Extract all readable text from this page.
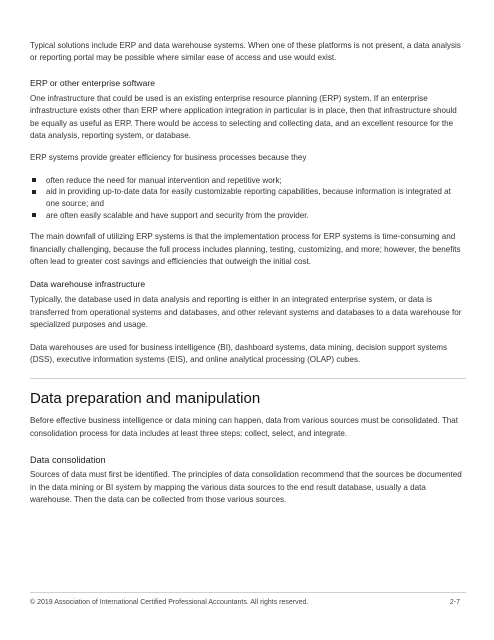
Typical solutions include ERP and data warehouse systems. When one of these platforms is not present, a data analysis or reporting portal may be possible where similar ease of access and use would exist.

ERP or other enterprise software

One infrastructure that could be used is an existing enterprise resource planning (ERP) system. If an enterprise infrastructure exists other than ERP where application integration in particular is in place, then that infrastructure should be equally as useful as ERP. There would be access to selecting and collecting data, and an excellent resource for the data analysis, reporting system, or database.

ERP systems provide greater efficiency for business processes because they

often reduce the need for manual intervention and repetitive work;
aid in providing up-to-date data for easily customizable reporting capabilities, because information is integrated at one source; and
are often easily scalable and have support and security from the provider.

The main downfall of utilizing ERP systems is that the implementation process for ERP systems is time-consuming and financially challenging, because the full process includes planning, testing, customizing, and more; however, the benefits often lead to greater cost savings and efficiencies that outweigh the initial cost.

Data warehouse infrastructure

Typically, the database used in data analysis and reporting is either in an integrated enterprise system, or data is transferred from operational systems and databases, and other relevant systems and databases to a data warehouse for specialized purposes and usage.

Data warehouses are used for business intelligence (BI), dashboard systems, data mining, decision support systems (DSS), executive information systems (EIS), and online analytical processing (OLAP) cubes.

Data preparation and manipulation

Before effective business intelligence or data mining can happen, data from various sources must be consolidated. That consolidation process for data includes at least three steps: collect, select, and integrate.

Data consolidation

Sources of data must first be identified. The principles of data consolidation recommend that the sources be documented in the data mining or BI system by mapping the various data sources to the end result database, usually a data warehouse. Then the data can be collected from those various sources.

© 2019 Association of International Certified Professional Accountants. All rights reserved.	2-7
